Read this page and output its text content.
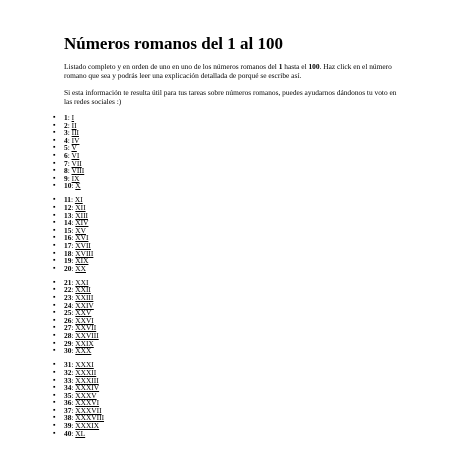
Números romanos del 1 al 100

Listado completo y en orden de uno en uno de los números romanos del 1 hasta el 100. Haz click en el número romano que sea y podrás leer una explicación detallada de porqué se escribe así.

Si esta información te resulta útil para tus tareas sobre números romanos, puedes ayudarnos dándonos tu voto en las redes sociales :)

▪ 1: I
▪ 2: II
▪ 3: III
▪ 4: IV
▪ 5: V
▪ 6: VI
▪ 7: VII
▪ 8: VIII
▪ 9: IX
▪ 10: X
▪ 11: XI
▪ 12: XII
▪ 13: XIII
▪ 14: XIV
▪ 15: XV
▪ 16: XVI
▪ 17: XVII
▪ 18: XVIII
▪ 19: XIX
▪ 20: XX
▪ 21: XXI
▪ 22: XXII
▪ 23: XXIII
▪ 24: XXIV
▪ 25: XXV
▪ 26: XXVI
▪ 27: XXVII
▪ 28: XXVIII
▪ 29: XXIX
▪ 30: XXX
▪ 31: XXXI
▪ 32: XXXII
▪ 33: XXXIII
▪ 34: XXXIV
▪ 35: XXXV
▪ 36: XXXVI
▪ 37: XXXVII
▪ 38: XXXVIII
▪ 39: XXXIX
▪ 40: XL
